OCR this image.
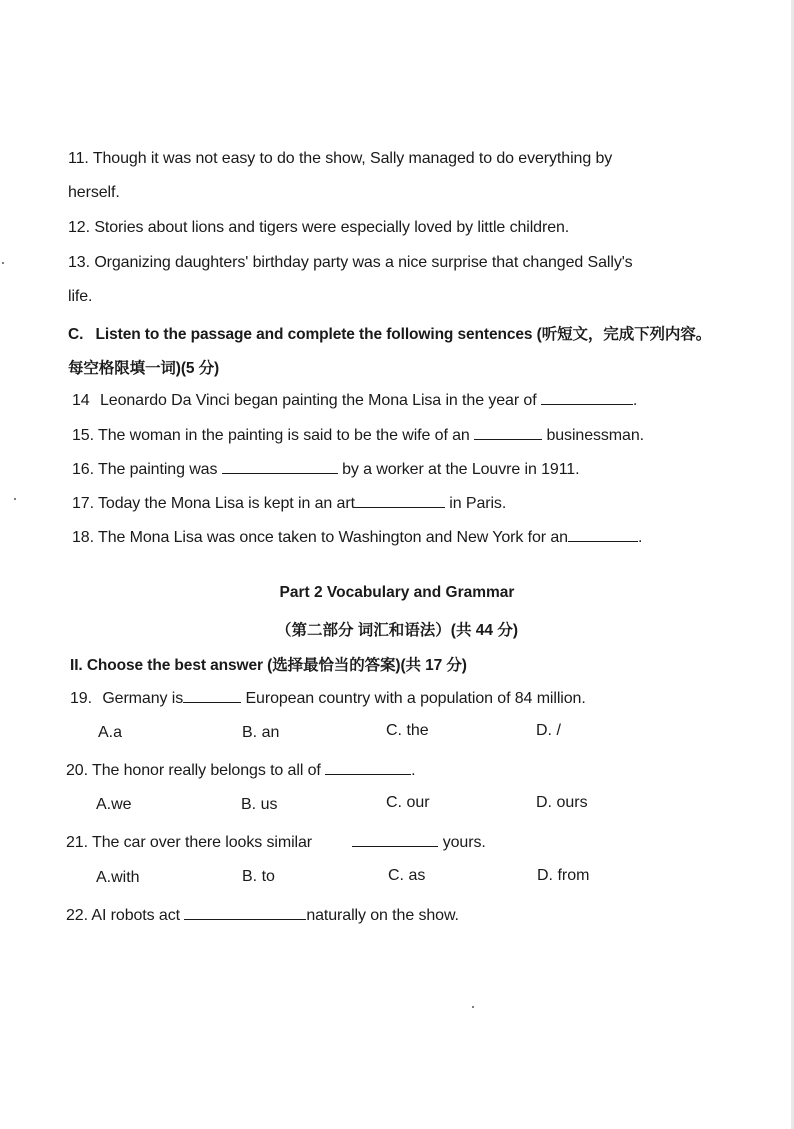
11. Though it was not easy to do the show, Sally managed to do everything by
herself.
12. Stories about lions and tigers were especially loved by little children.
13. Organizing daughters' birthday party was a nice surprise that changed Sally's
life.
C. Listen to the passage and complete the following sentences (听短文，完成下列内容。
每空格限填一词)(5 分)
14 Leonardo Da Vinci began painting the Mona Lisa in the year of	.
15. The woman in the painting is said to be the wife of an	businessman.
16. The painting was	by a worker at the Louvre in 1911.
17. Today the Mona Lisa is kept in an art	in Paris.
18. The Mona Lisa was once taken to Washington and New York for an	.
Part 2 Vocabulary and Grammar
（第二部分 词汇和语法）(共 44 分)
II. Choose the best answer (选择最恰当的答案)(共 17 分)
19. Germany is	European country with a population of 84 million.
A.a	B. an	C. the	D. /
20. The honor really belongs to all of	.
A.we	B. us	C. our	D. ours
21. The car over there looks similar	yours.
A.with	B. to	C. as	D. from
22. AI robots act	naturally on the show.
